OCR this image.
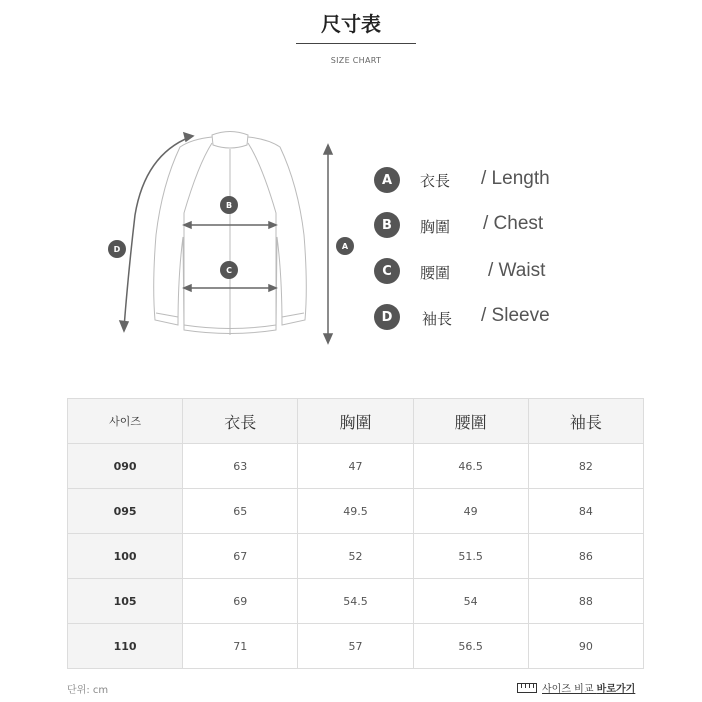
尺寸表
SIZE CHART
B
C
D	A
A	衣長 / Length
B	胸圍 / Chest
C	腰圍 / Waist
D	袖長 / Sleeve
사이즈	衣長	胸圍	腰圍	袖長
090	63	47	46.5	82
095	65	49.5	49	84
100	67	52	51.5	86
105	69	54.5	54	88
110	71	57	56.5	90
단위: cm	사이즈 비교 바로가기
